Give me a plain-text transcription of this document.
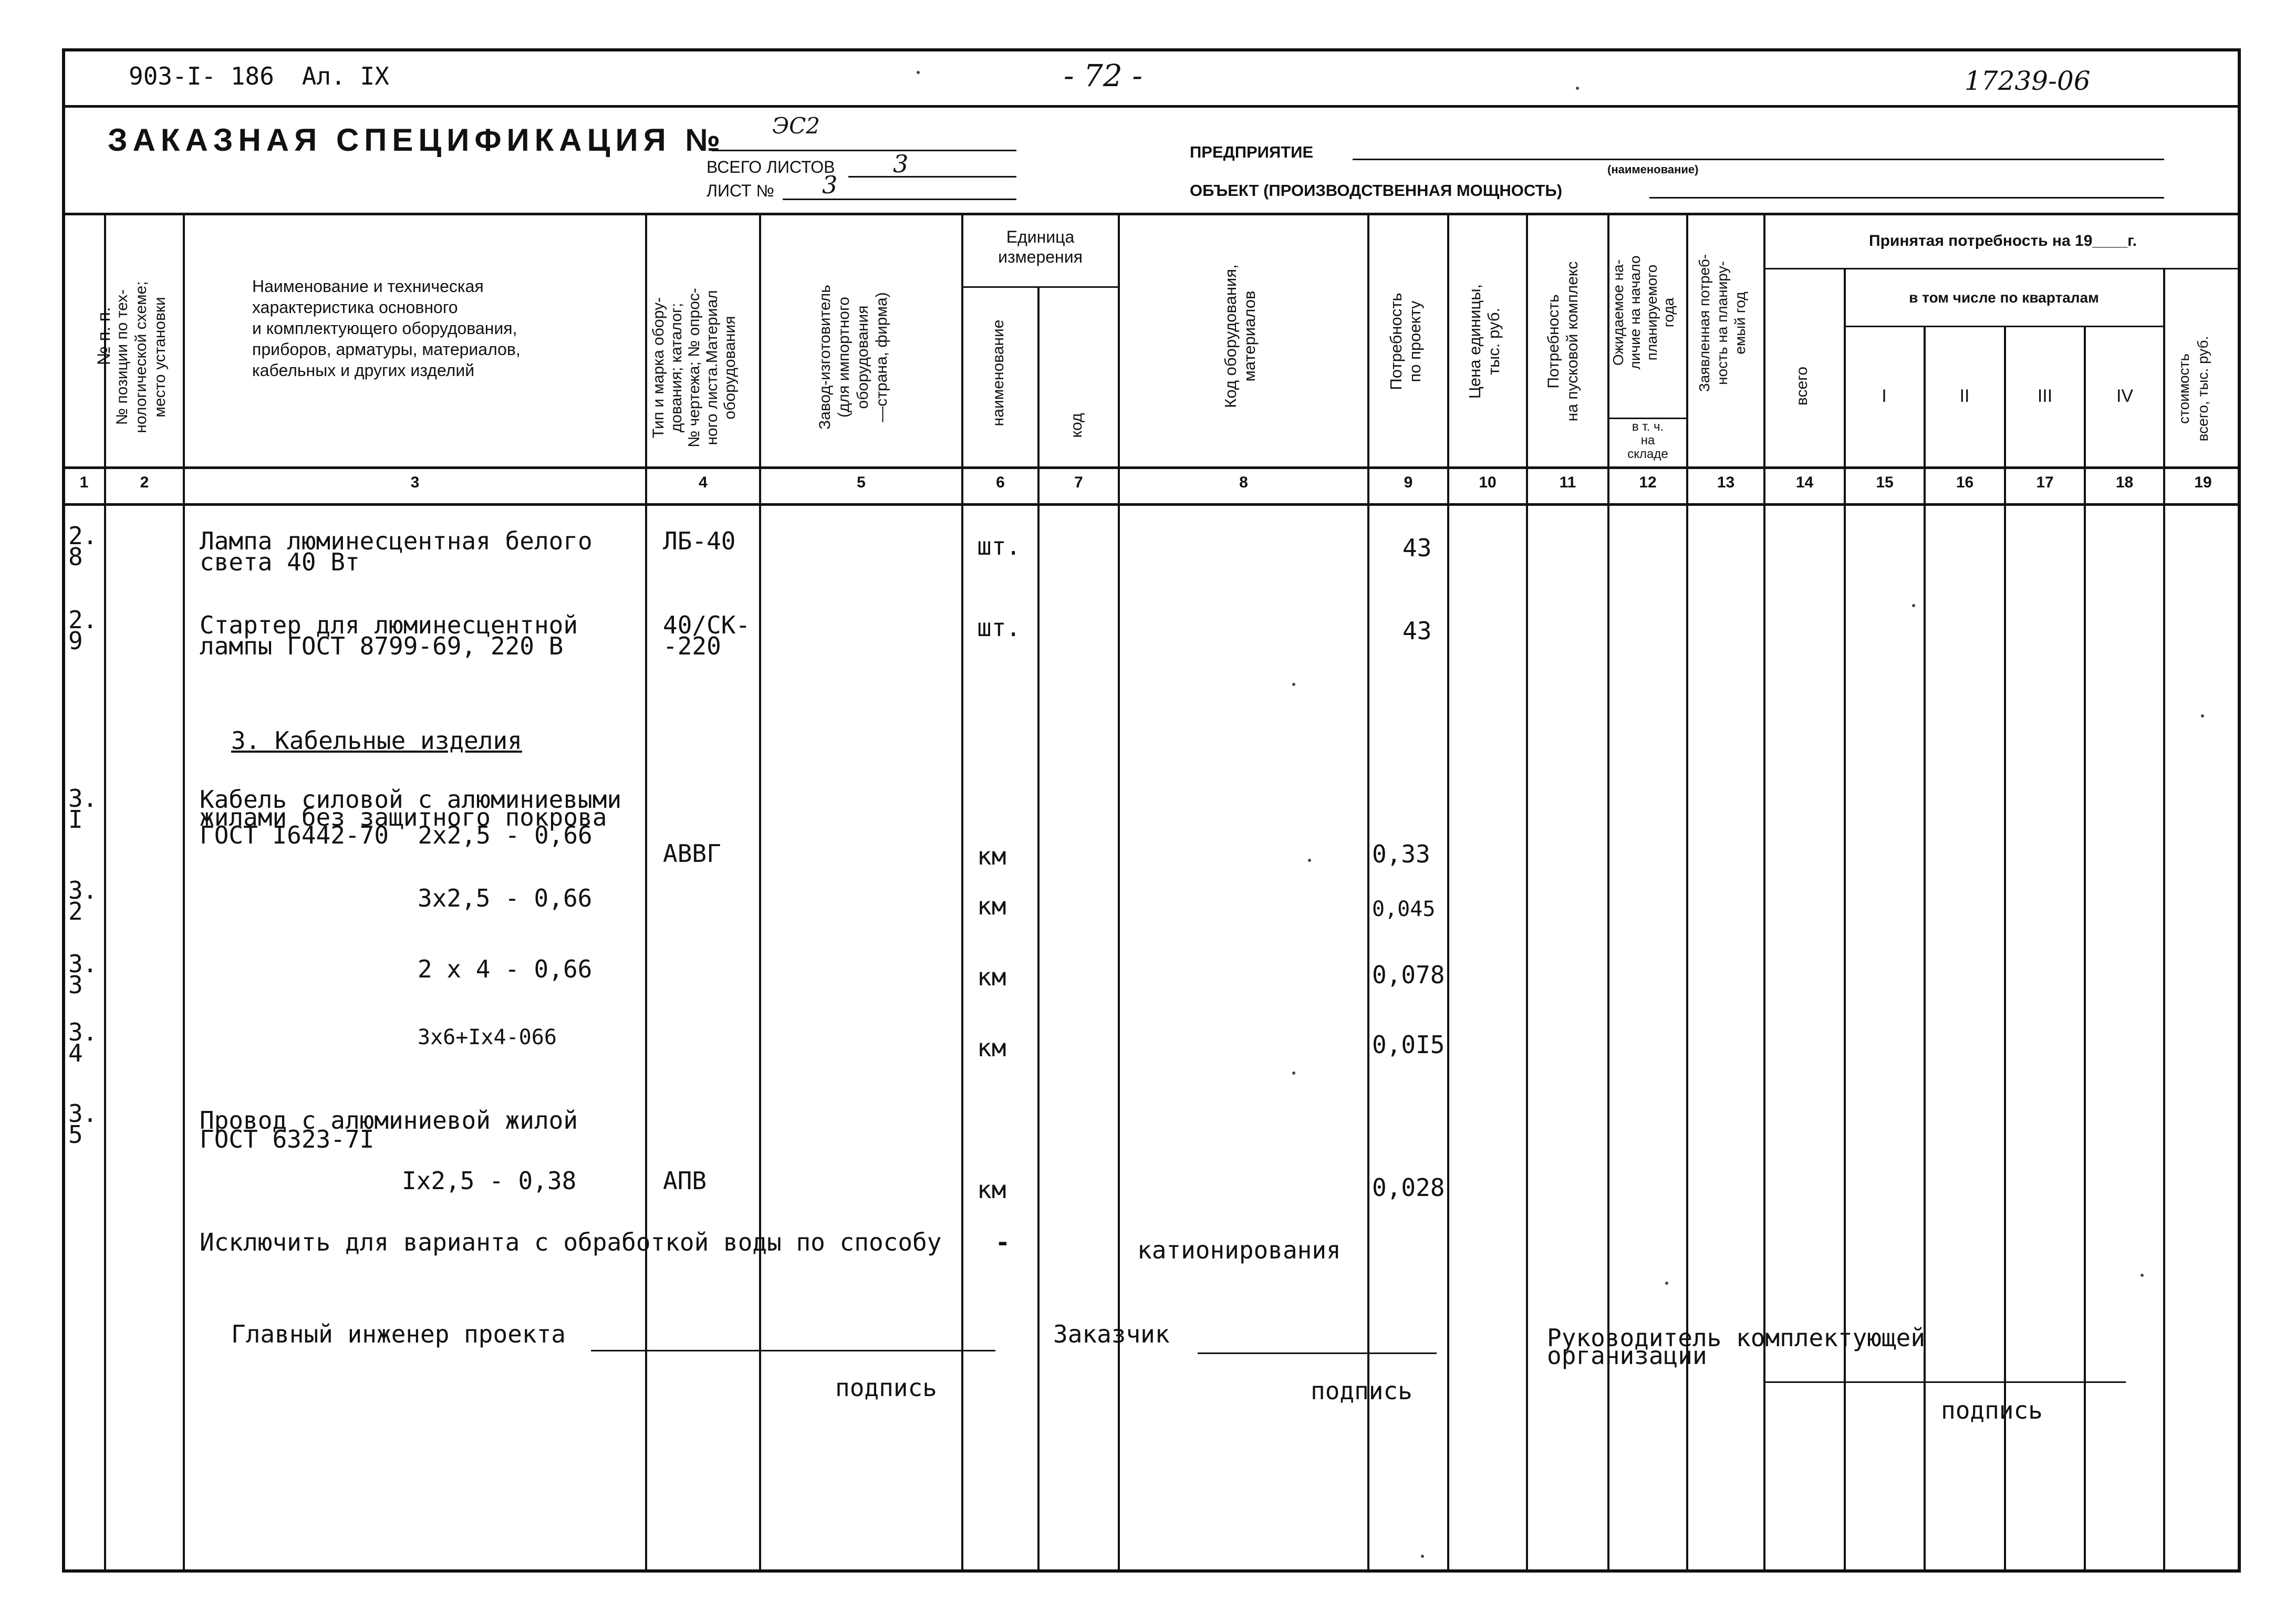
903-I- 186 Ал. IX	- 72 -	17239-06
ЗАКАЗНАЯ СПЕЦИФИКАЦИЯ № ЭС2
ВСЕГО ЛИСТОВ 3
ЛИСТ № 3
ПРЕДПРИЯТИЕ
(наименование)
ОБЪЕКТ (ПРОИЗВОДСТВЕННАЯ МОЩНОСТЬ)
№ п. п.
№ позиции по тех-
нологической схеме;
место установки
Наименование и техническая
характеристика основного
и комплектующего оборудования,
приборов, арматуры, материалов,
кабельных и других изделий
Тип и марка обору-
дования; каталог;
№ чертежа; № опрос-
ного листа.Материал
оборудования	Завод-изготовитель
(для импортного
оборудования
—страна, фирма)
Единица
измерения
наименование	код
Код оборудования,
материалов	Потребность
по проекту
Цена единицы,
тыс. руб.	Потребность
на пусковой комплекс	Ожидаемое на-
личие на начало
планируемого
года
в т. ч.
на
складе
Заявленная потреб-
ность на планиру-
емый год
Принятая потребность на 19____г.
в том числе по кварталам
всего	I	II	III	IV	стоимость
всего, тыс. руб.
1	2	3	4	5	6	7	8	9	10	11	12	13	14	15	16	17	18	19
2.
8
Лампа люминесцентная белого
света 40 Вт
ЛБ-40	шт.	43
2.
9
Стартер для люминесцентной
лампы ГОСТ 8799-69, 220 В
40/СК-
-220
шт.	43
3. Кабельные изделия
3.
I
Кабель силовой с алюминиевыми
жилами без защитного покрова
ГОСТ I6442-70  2х2,5 - 0,66
АВВГ	км	0,33
3.
2	3х2,5 - 0,66	км	0,045
3.
3
2 х 4 - 0,66	км	0,078
3.
4
3х6+Iх4-066	км	0,0I5
3.
5	Провод с алюминиевой жилой
ГОСТ 6323-7I
Iх2,5 - 0,38	АПВ	км	0,028
Исключить для варианта с обработкой воды по способу -	катионирования
Главный инженер проекта
подпись
Заказчик
подпись
Руководитель комплектующей
организации
подпись
